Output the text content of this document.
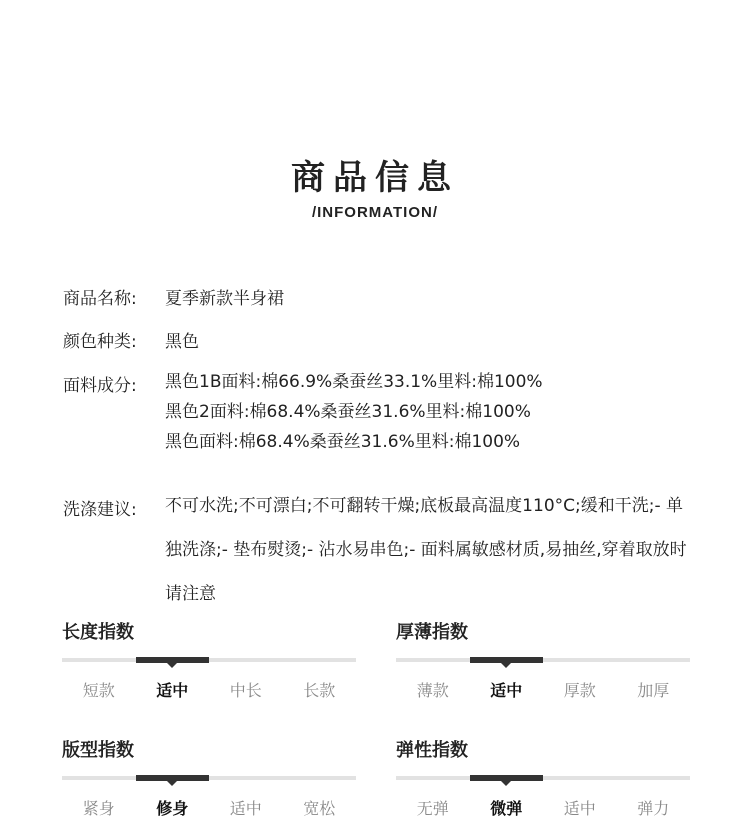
商品信息
/INFORMATION/
商品名称: 夏季新款半身裙
颜色种类: 黑色
面料成分: 黑色1B面料:棉66.9%桑蚕丝33.1%里料:棉100%
黑色2面料:棉68.4%桑蚕丝31.6%里料:棉100%
黑色面料:棉68.4%桑蚕丝31.6%里料:棉100%
洗涤建议: 不可水洗;不可漂白;不可翻转干燥;底板最高温度110°C;缓和干洗;- 单独洗涤;- 垫布熨烫;- 沾水易串色;- 面料属敏感材质,易抽丝,穿着取放时请注意
长度指数
短款	适中	中长	长款
厚薄指数
薄款	适中	厚款	加厚
版型指数
紧身	修身	适中	宽松
弹性指数
无弹	微弹	适中	弹力
